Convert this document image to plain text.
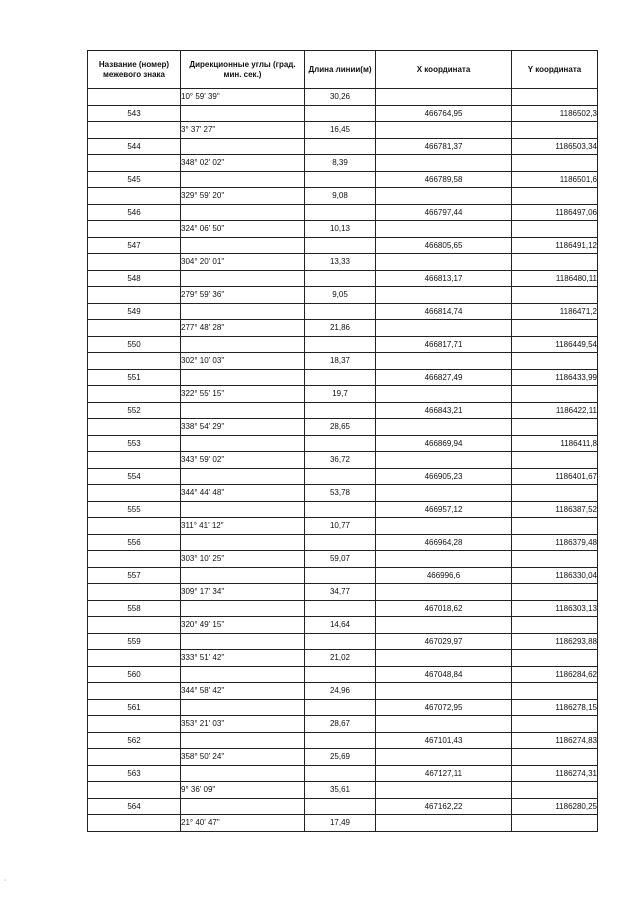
Название (номер) межевого знака	Дирекционные углы (град. мин. сек.)	Длина линии(м)	X координата	Y координата
	10° 59' 39"	30,26		
543			466764,95	1186502,3
	3° 37' 27"	16,45		
544			466781,37	1186503,34
	348° 02' 02"	8,39		
545			466789,58	1186501,6
	329° 59' 20"	9,08		
546			466797,44	1186497,06
	324° 06' 50"	10,13		
547			466805,65	1186491,12
	304° 20' 01"	13,33		
548			466813,17	1186480,11
	279° 59' 36"	9,05		
549			466814,74	1186471,2
	277° 48' 28"	21,86		
550			466817,71	1186449,54
	302° 10' 03"	18,37		
551			466827,49	1186433,99
	322° 55' 15"	19,7		
552			466843,21	1186422,11
	338° 54' 29"	28,65		
553			466869,94	1186411,8
	343° 59' 02"	36,72		
554			466905,23	1186401,67
	344° 44' 48"	53,78		
555			466957,12	1186387,52
	311° 41' 12"	10,77		
556			466964,28	1186379,48
	303° 10' 25"	59,07		
557			466996,6	1186330,04
	309° 17' 34"	34,77		
558			467018,62	1186303,13
	320° 49' 15"	14,64		
559			467029,97	1186293,88
	333° 51' 42"	21,02		
560			467048,84	1186284,62
	344° 58' 42"	24,96		
561			467072,95	1186278,15
	353° 21' 03"	28,67		
562			467101,43	1186274,83
	358° 50' 24"	25,69		
563			467127,11	1186274,31
	9° 36' 09"	35,61		
564			467162,22	1186280,25
	21° 40' 47"	17,49		
·
